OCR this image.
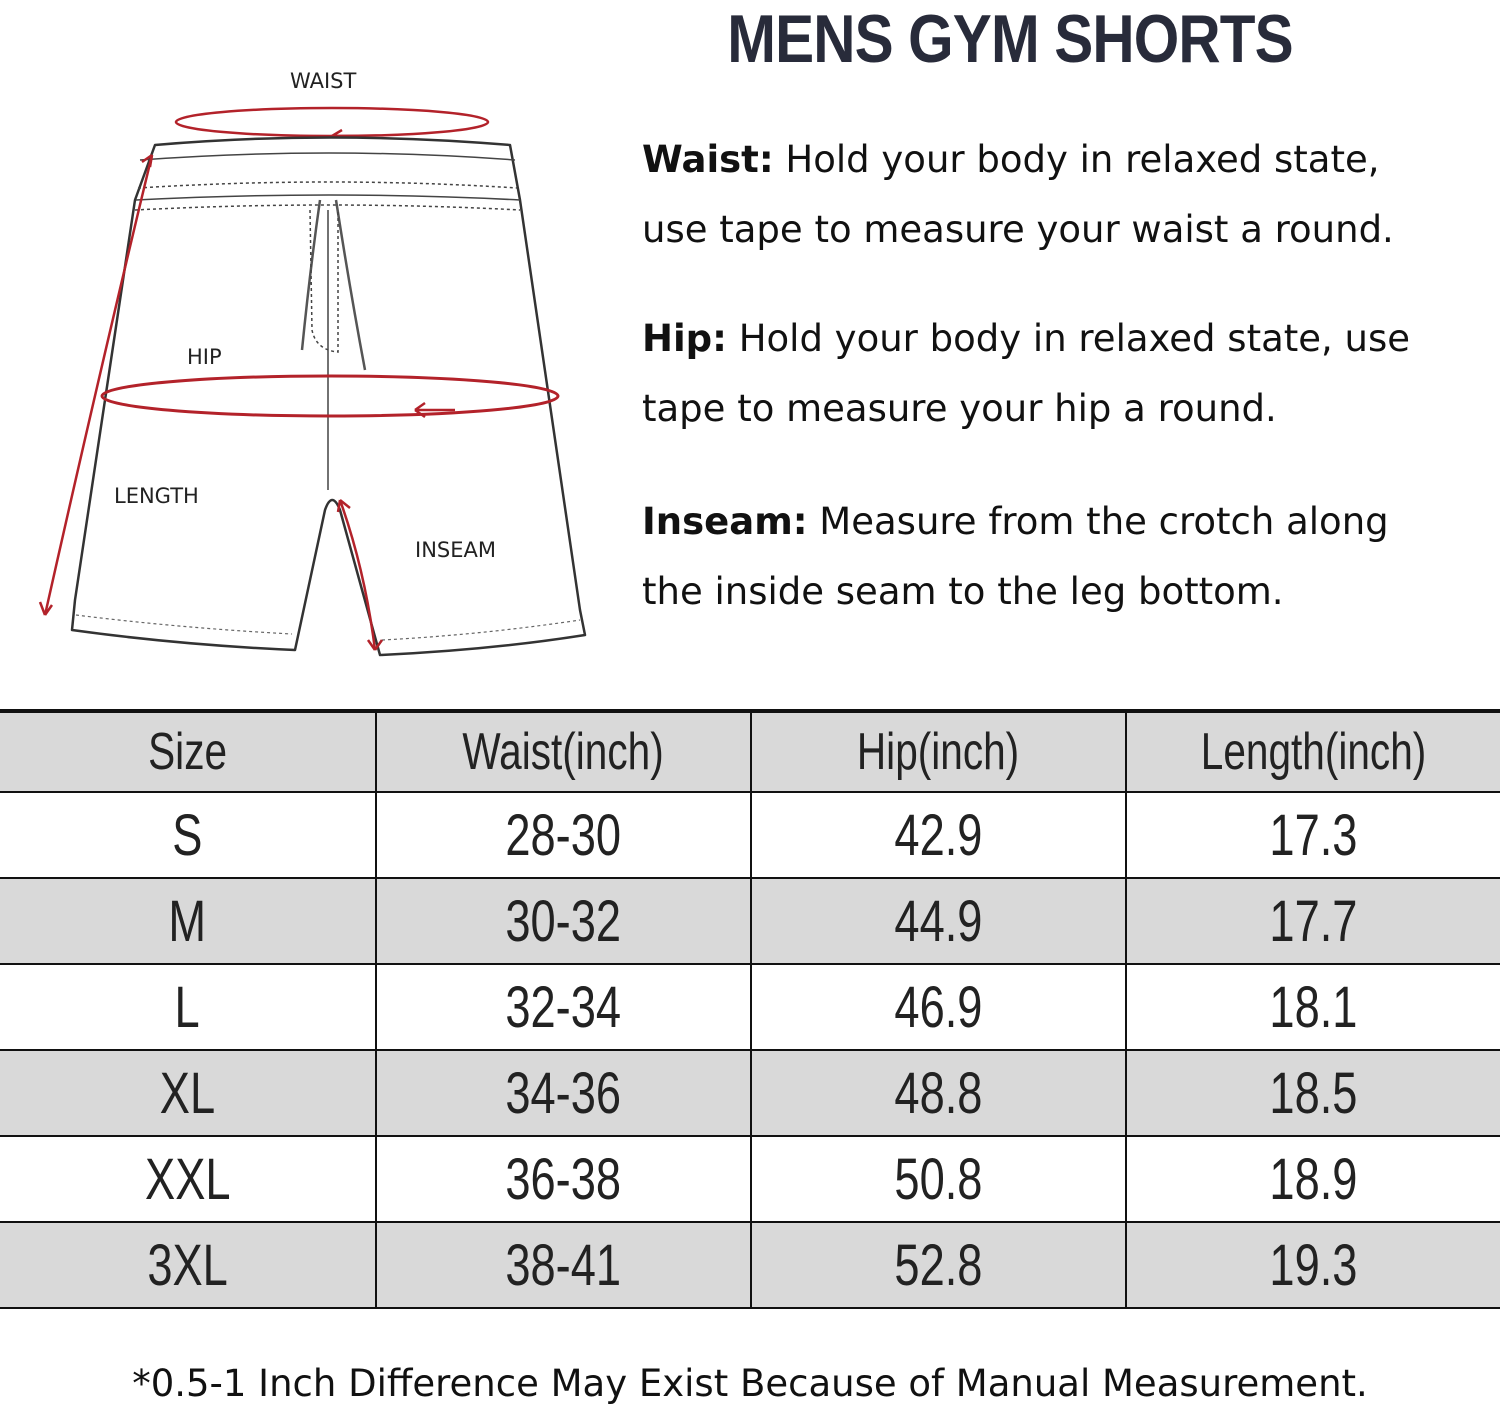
MENS GYM SHORTS
WAIST
HIP
LENGTH
INSEAM
Waist: Hold your body in relaxed state,
use tape to measure your waist a round.
Hip: Hold your body in relaxed state, use
tape to measure your hip a round.
Inseam: Measure from the crotch along
the inside seam to the leg bottom.
Size	Waist(inch)	Hip(inch)	Length(inch)
S	28-30	42.9	17.3
M	30-32	44.9	17.7
L	32-34	46.9	18.1
XL	34-36	48.8	18.5
XXL	36-38	50.8	18.9
3XL	38-41	52.8	19.3
*0.5-1 Inch Difference May Exist Because of Manual Measurement.
